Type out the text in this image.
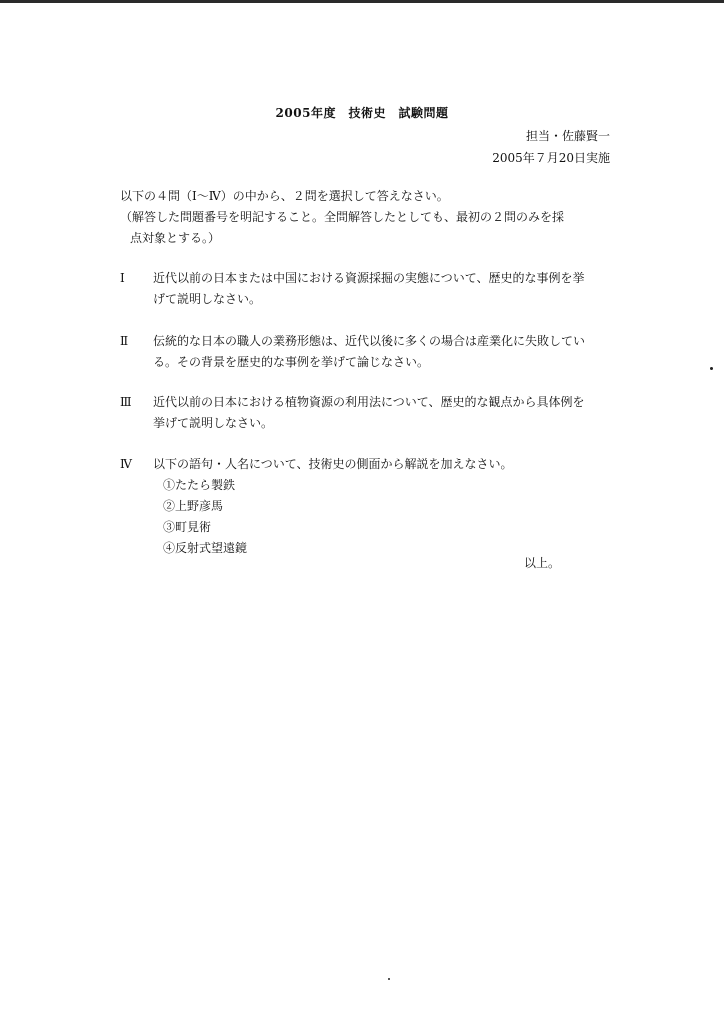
2005年度　技術史　試験問題
担当・佐藤賢一
2005年７月20日実施
以下の４問（Ⅰ〜Ⅳ）の中から、２問を選択して答えなさい。
（解答した問題番号を明記すること。全問解答したとしても、最初の２問のみを採
点対象とする。）
Ⅰ	近代以前の日本または中国における資源採掘の実態について、歴史的な事例を挙
げて説明しなさい。
Ⅱ	伝統的な日本の職人の業務形態は、近代以後に多くの場合は産業化に失敗してい
る。その背景を歴史的な事例を挙げて論じなさい。
Ⅲ	近代以前の日本における植物資源の利用法について、歴史的な観点から具体例を
挙げて説明しなさい。
Ⅳ	以下の語句・人名について、技術史の側面から解説を加えなさい。
①たたら製鉄
②上野彦馬
③町見術
④反射式望遠鏡
以上。
